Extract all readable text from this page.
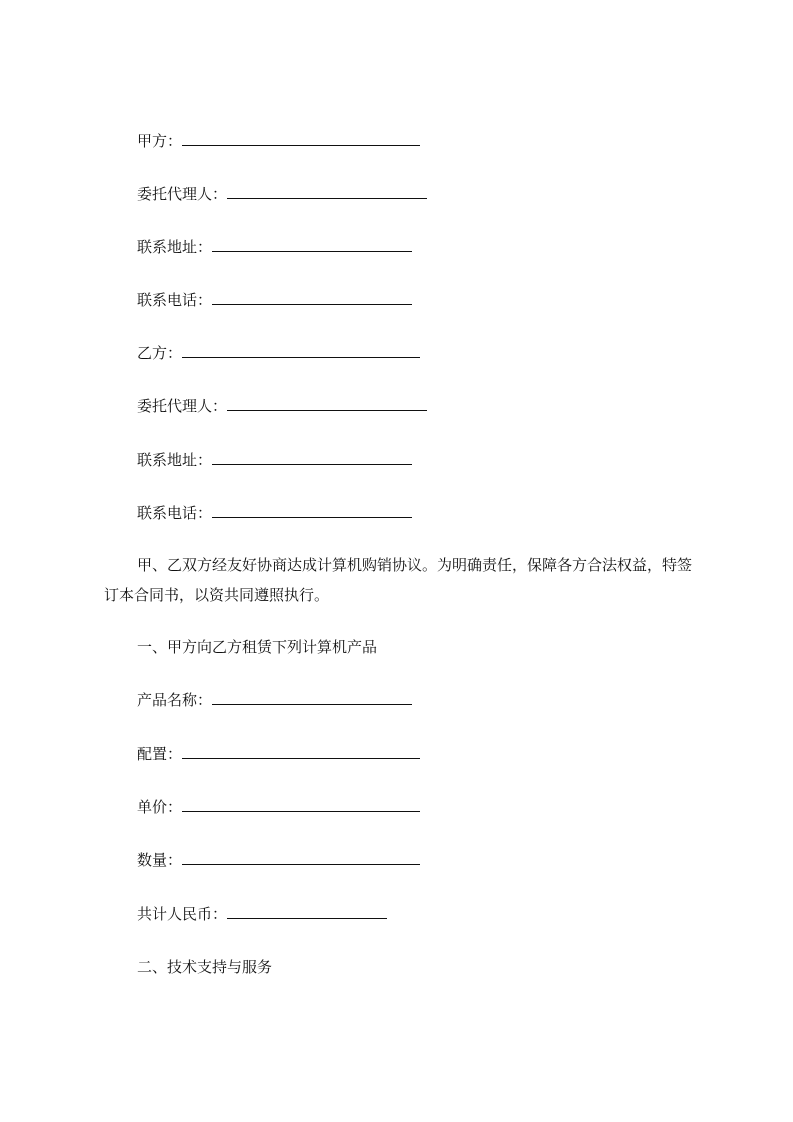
甲方：
委托代理人：
联系地址：
联系电话：
乙方：
委托代理人：
联系地址：
联系电话：
甲、乙双方经友好协商达成计算机购销协议。为明确责任，保障各方合法权益，特签订本合同书，以资共同遵照执行。
一、甲方向乙方租赁下列计算机产品
产品名称：
配置：
单价：
数量：
共计人民币：
二、技术支持与服务
